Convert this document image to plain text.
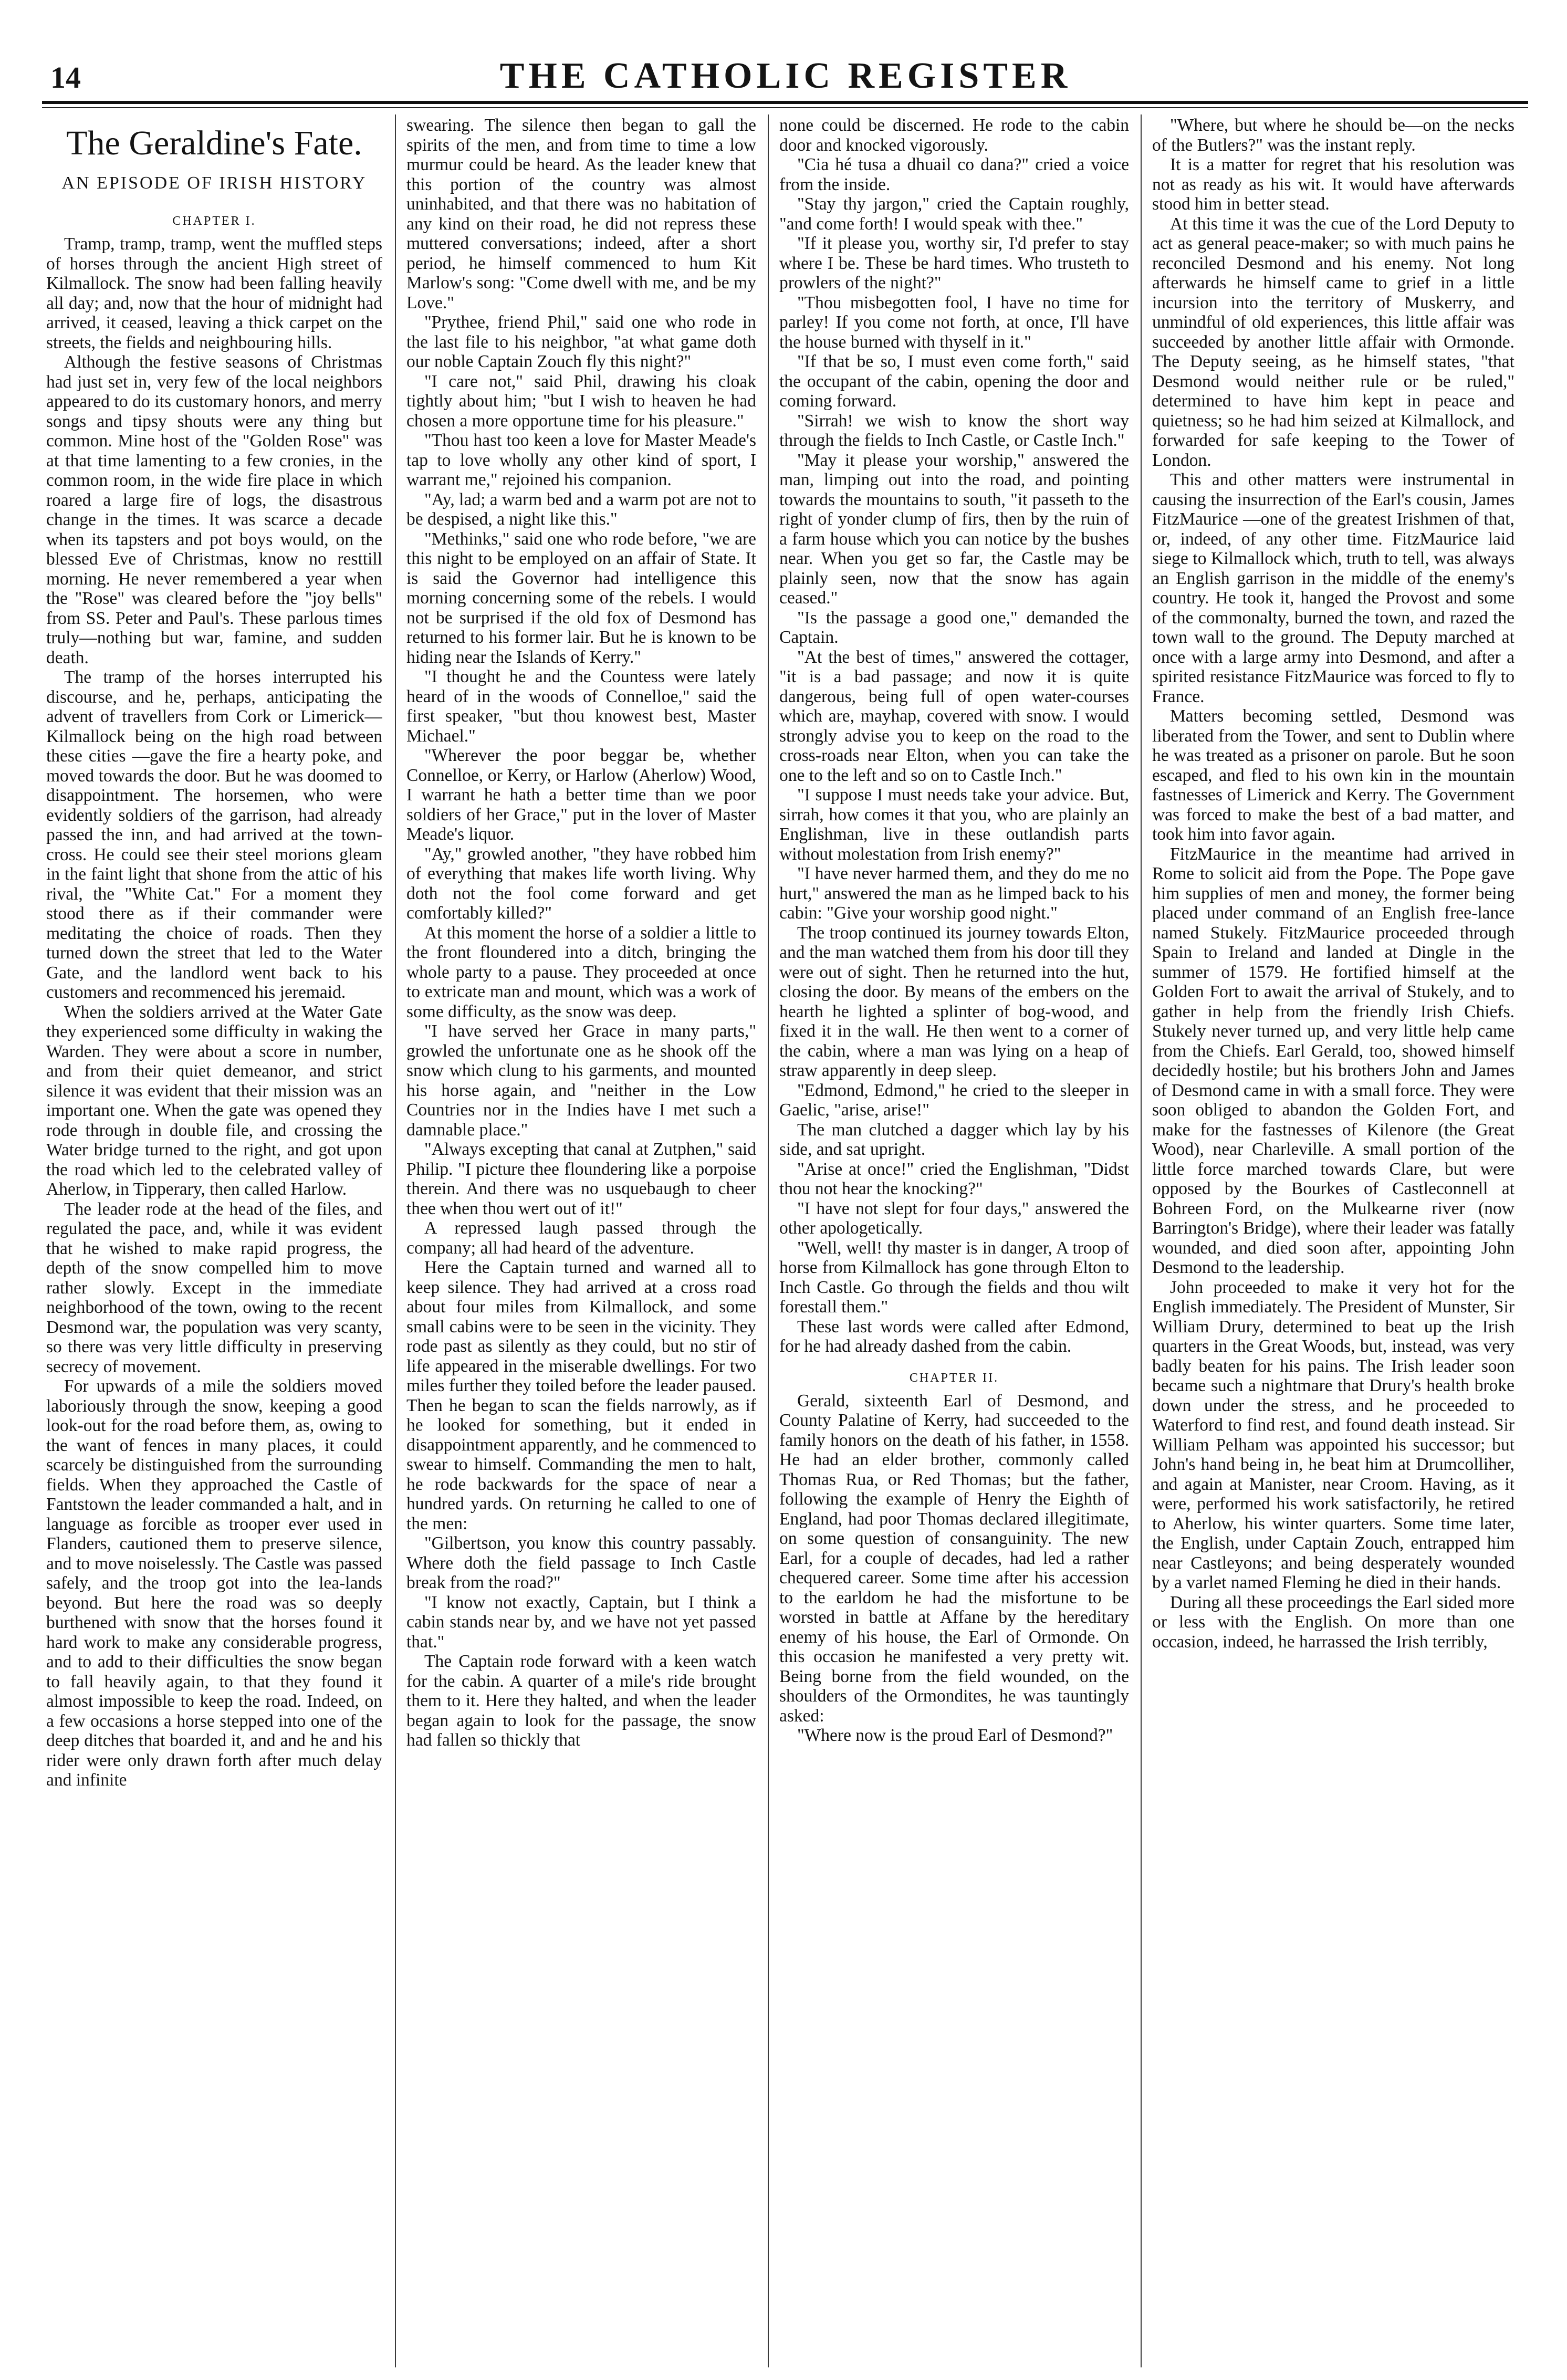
14	THE CATHOLIC REGISTER
The Geraldine's Fate.
AN EPISODE OF IRISH HISTORY
CHAPTER I.

Tramp, tramp, tramp, went the muffled steps of horses through the ancient High street of Kilmallock. The snow had been falling heavily all day; and, now that the hour of midnight had arrived, it ceased, leaving a thick carpet on the streets, the fields and neighbouring hills.

Although the festive seasons of Christmas had just set in, very few of the local neighbors appeared to do its customary honors, and merry songs and tipsy shouts were any thing but common. Mine host of the "Golden Rose" was at that time lamenting to a few cronies, in the common room, in the wide fire place in which roared a large fire of logs, the disastrous change in the times. It was scarce a decade when its tapsters and pot boys would, on the blessed Eve of Christmas, know no resttill morning. He never remembered a year when the "Rose" was cleared before the "joy bells" from SS. Peter and Paul's. These parlous times truly—nothing but war, famine, and sudden death.

The tramp of the horses interrupted his discourse, and he, perhaps, anticipating the advent of travellers from Cork or Limerick—Kilmallock being on the high road between these cities —gave the fire a hearty poke, and moved towards the door. But he was doomed to disappointment. The horsemen, who were evidently soldiers of the garrison, had already passed the inn, and had arrived at the town-cross. He could see their steel morions gleam in the faint light that shone from the attic of his rival, the "White Cat." For a moment they stood there as if their commander were meditating the choice of roads. Then they turned down the street that led to the Water Gate, and the landlord went back to his customers and recommenced his jeremaid.

When the soldiers arrived at the Water Gate they experienced some difficulty in waking the Warden. They were about a score in number, and from their quiet demeanor, and strict silence it was evident that their mission was an important one. When the gate was opened they rode through in double file, and crossing the Water bridge turned to the right, and got upon the road which led to the celebrated valley of Aherlow, in Tipperary, then called Harlow.

The leader rode at the head of the files, and regulated the pace, and, while it was evident that he wished to make rapid progress, the depth of the snow compelled him to move rather slowly. Except in the immediate neighborhood of the town, owing to the recent Desmond war, the population was very scanty, so there was very little difficulty in preserving secrecy of movement.

For upwards of a mile the soldiers moved laboriously through the snow, keeping a good look-out for the road before them, as, owing to the want of fences in many places, it could scarcely be distinguished from the surrounding fields. When they approached the Castle of Fantstown the leader commanded a halt, and in language as forcible as trooper ever used in Flanders, cautioned them to preserve silence, and to move noiselessly. The Castle was passed safely, and the troop got into the lea-lands beyond. But here the road was so deeply burthened with snow that the horses found it hard work to make any considerable progress, and to add to their difficulties the snow began to fall heavily again, to that they found it almost impossible to keep the road. Indeed, on a few occasions a horse stepped into one of the deep ditches that boarded it, and and he and his rider were only drawn forth after much delay and infinite

swearing. The silence then began to gall the spirits of the men, and from time to time a low murmur could be heard. As the leader knew that this portion of the country was almost uninhabited, and that there was no habitation of any kind on their road, he did not repress these muttered conversations; indeed, after a short period, he himself commenced to hum Kit Marlow's song: "Come dwell with me, and be my Love."

"Prythee, friend Phil," said one who rode in the last file to his neighbor, "at what game doth our noble Captain Zouch fly this night?"

"I care not," said Phil, drawing his cloak tightly about him; "but I wish to heaven he had chosen a more opportune time for his pleasure."

"Thou hast too keen a love for Master Meade's tap to love wholly any other kind of sport, I warrant me," rejoined his companion.

"Ay, lad; a warm bed and a warm pot are not to be despised, a night like this."

"Methinks," said one who rode before, "we are this night to be employed on an affair of State. It is said the Governor had intelligence this morning concerning some of the rebels. I would not be surprised if the old fox of Desmond has returned to his former lair. But he is known to be hiding near the Islands of Kerry."

"I thought he and the Countess were lately heard of in the woods of Connelloe," said the first speaker, "but thou knowest best, Master Michael."

"Wherever the poor beggar be, whether Connelloe, or Kerry, or Harlow (Aherlow) Wood, I warrant he hath a better time than we poor soldiers of her Grace," put in the lover of Master Meade's liquor.

"Ay," growled another, "they have robbed him of everything that makes life worth living. Why doth not the fool come forward and get comfortably killed?"

At this moment the horse of a soldier a little to the front floundered into a ditch, bringing the whole party to a pause. They proceeded at once to extricate man and mount, which was a work of some difficulty, as the snow was deep.

"I have served her Grace in many parts," growled the unfortunate one as he shook off the snow which clung to his garments, and mounted his horse again, and "neither in the Low Countries nor in the Indies have I met such a damnable place."

"Always excepting that canal at Zutphen," said Philip. "I picture thee floundering like a porpoise therein. And there was no usquebaugh to cheer thee when thou wert out of it!"

A repressed laugh passed through the company; all had heard of the adventure.

Here the Captain turned and warned all to keep silence. They had arrived at a cross road about four miles from Kilmallock, and some small cabins were to be seen in the vicinity. They rode past as silently as they could, but no stir of life appeared in the miserable dwellings. For two miles further they toiled before the leader paused. Then he began to scan the fields narrowly, as if he looked for something, but it ended in disappointment apparently, and he commenced to swear to himself. Commanding the men to halt, he rode backwards for the space of near a hundred yards. On returning he called to one of the men:

"Gilbertson, you know this country passably. Where doth the field passage to Inch Castle break from the road?"

"I know not exactly, Captain, but I think a cabin stands near by, and we have not yet passed that."

The Captain rode forward with a keen watch for the cabin. A quarter of a mile's ride brought them to it. Here they halted, and when the leader began again to look for the passage, the snow had fallen so thickly that

none could be discerned. He rode to the cabin door and knocked vigorously.

"Cia hé tusa a dhuail co dana?" cried a voice from the inside.

"Stay thy jargon," cried the Captain roughly, "and come forth! I would speak with thee."

"If it please you, worthy sir, I'd prefer to stay where I be. These be hard times. Who trusteth to prowlers of the night?"

"Thou misbegotten fool, I have no time for parley! If you come not forth, at once, I'll have the house burned with thyself in it."

"If that be so, I must even come forth," said the occupant of the cabin, opening the door and coming forward.

"Sirrah! we wish to know the short way through the fields to Inch Castle, or Castle Inch."

"May it please your worship," answered the man, limping out into the road, and pointing towards the mountains to south, "it passeth to the right of yonder clump of firs, then by the ruin of a farm house which you can notice by the bushes near. When you get so far, the Castle may be plainly seen, now that the snow has again ceased."

"Is the passage a good one," demanded the Captain.

"At the best of times," answered the cottager, "it is a bad passage; and now it is quite dangerous, being full of open water-courses which are, mayhap, covered with snow. I would strongly advise you to keep on the road to the cross-roads near Elton, when you can take the one to the left and so on to Castle Inch."

"I suppose I must needs take your advice. But, sirrah, how comes it that you, who are plainly an Englishman, live in these outlandish parts without molestation from Irish enemy?"

"I have never harmed them, and they do me no hurt," answered the man as he limped back to his cabin: "Give your worship good night."

The troop continued its journey towards Elton, and the man watched them from his door till they were out of sight. Then he returned into the hut, closing the door. By means of the embers on the hearth he lighted a splinter of bog-wood, and fixed it in the wall. He then went to a corner of the cabin, where a man was lying on a heap of straw apparently in deep sleep.

"Edmond, Edmond," he cried to the sleeper in Gaelic, "arise, arise!"

The man clutched a dagger which lay by his side, and sat upright.

"Arise at once!" cried the Englishman, "Didst thou not hear the knocking?"

"I have not slept for four days," answered the other apologetically.

"Well, well! thy master is in danger, A troop of horse from Kilmallock has gone through Elton to Inch Castle. Go through the fields and thou wilt forestall them."

These last words were called after Edmond, for he had already dashed from the cabin.

CHAPTER II.

Gerald, sixteenth Earl of Desmond, and County Palatine of Kerry, had succeeded to the family honors on the death of his father, in 1558. He had an elder brother, commonly called Thomas Rua, or Red Thomas; but the father, following the example of Henry the Eighth of England, had poor Thomas declared illegitimate, on some question of consanguinity. The new Earl, for a couple of decades, had led a rather chequered career. Some time after his accession to the earldom he had the misfortune to be worsted in battle at Affane by the hereditary enemy of his house, the Earl of Ormonde. On this occasion he manifested a very pretty wit. Being borne from the field wounded, on the shoulders of the Ormondites, he was tauntingly asked:

"Where now is the proud Earl of Desmond?"

"Where, but where he should be—on the necks of the Butlers?" was the instant reply.

It is a matter for regret that his resolution was not as ready as his wit. It would have afterwards stood him in better stead.

At this time it was the cue of the Lord Deputy to act as general peace-maker; so with much pains he reconciled Desmond and his enemy. Not long afterwards he himself came to grief in a little incursion into the territory of Muskerry, and unmindful of old experiences, this little affair was succeeded by another little affair with Ormonde. The Deputy seeing, as he himself states, "that Desmond would neither rule or be ruled," determined to have him kept in peace and quietness; so he had him seized at Kilmallock, and forwarded for safe keeping to the Tower of London.

This and other matters were instrumental in causing the insurrection of the Earl's cousin, James FitzMaurice —one of the greatest Irishmen of that, or, indeed, of any other time. FitzMaurice laid siege to Kilmallock which, truth to tell, was always an English garrison in the middle of the enemy's country. He took it, hanged the Provost and some of the commonalty, burned the town, and razed the town wall to the ground. The Deputy marched at once with a large army into Desmond, and after a spirited resistance FitzMaurice was forced to fly to France.

Matters becoming settled, Desmond was liberated from the Tower, and sent to Dublin where he was treated as a prisoner on parole. But he soon escaped, and fled to his own kin in the mountain fastnesses of Limerick and Kerry. The Government was forced to make the best of a bad matter, and took him into favor again.

FitzMaurice in the meantime had arrived in Rome to solicit aid from the Pope. The Pope gave him supplies of men and money, the former being placed under command of an English free-lance named Stukely. FitzMaurice proceeded through Spain to Ireland and landed at Dingle in the summer of 1579. He fortified himself at the Golden Fort to await the arrival of Stukely, and to gather in help from the friendly Irish Chiefs. Stukely never turned up, and very little help came from the Chiefs. Earl Gerald, too, showed himself decidedly hostile; but his brothers John and James of Desmond came in with a small force. They were soon obliged to abandon the Golden Fort, and make for the fastnesses of Kilenore (the Great Wood), near Charleville. A small portion of the little force marched towards Clare, but were opposed by the Bourkes of Castleconnell at Bohreen Ford, on the Mulkearne river (now Barrington's Bridge), where their leader was fatally wounded, and died soon after, appointing John Desmond to the leadership.

John proceeded to make it very hot for the English immediately. The President of Munster, Sir William Drury, determined to beat up the Irish quarters in the Great Woods, but, instead, was very badly beaten for his pains. The Irish leader soon became such a nightmare that Drury's health broke down under the stress, and he proceeded to Waterford to find rest, and found death instead. Sir William Pelham was appointed his successor; but John's hand being in, he beat him at Drumcolliher, and again at Manister, near Croom. Having, as it were, performed his work satisfactorily, he retired to Aherlow, his winter quarters. Some time later, the English, under Captain Zouch, entrapped him near Castleyons; and being desperately wounded by a varlet named Fleming he died in their hands.

During all these proceedings the Earl sided more or less with the English. On more than one occasion, indeed, he harrassed the Irish terribly,
